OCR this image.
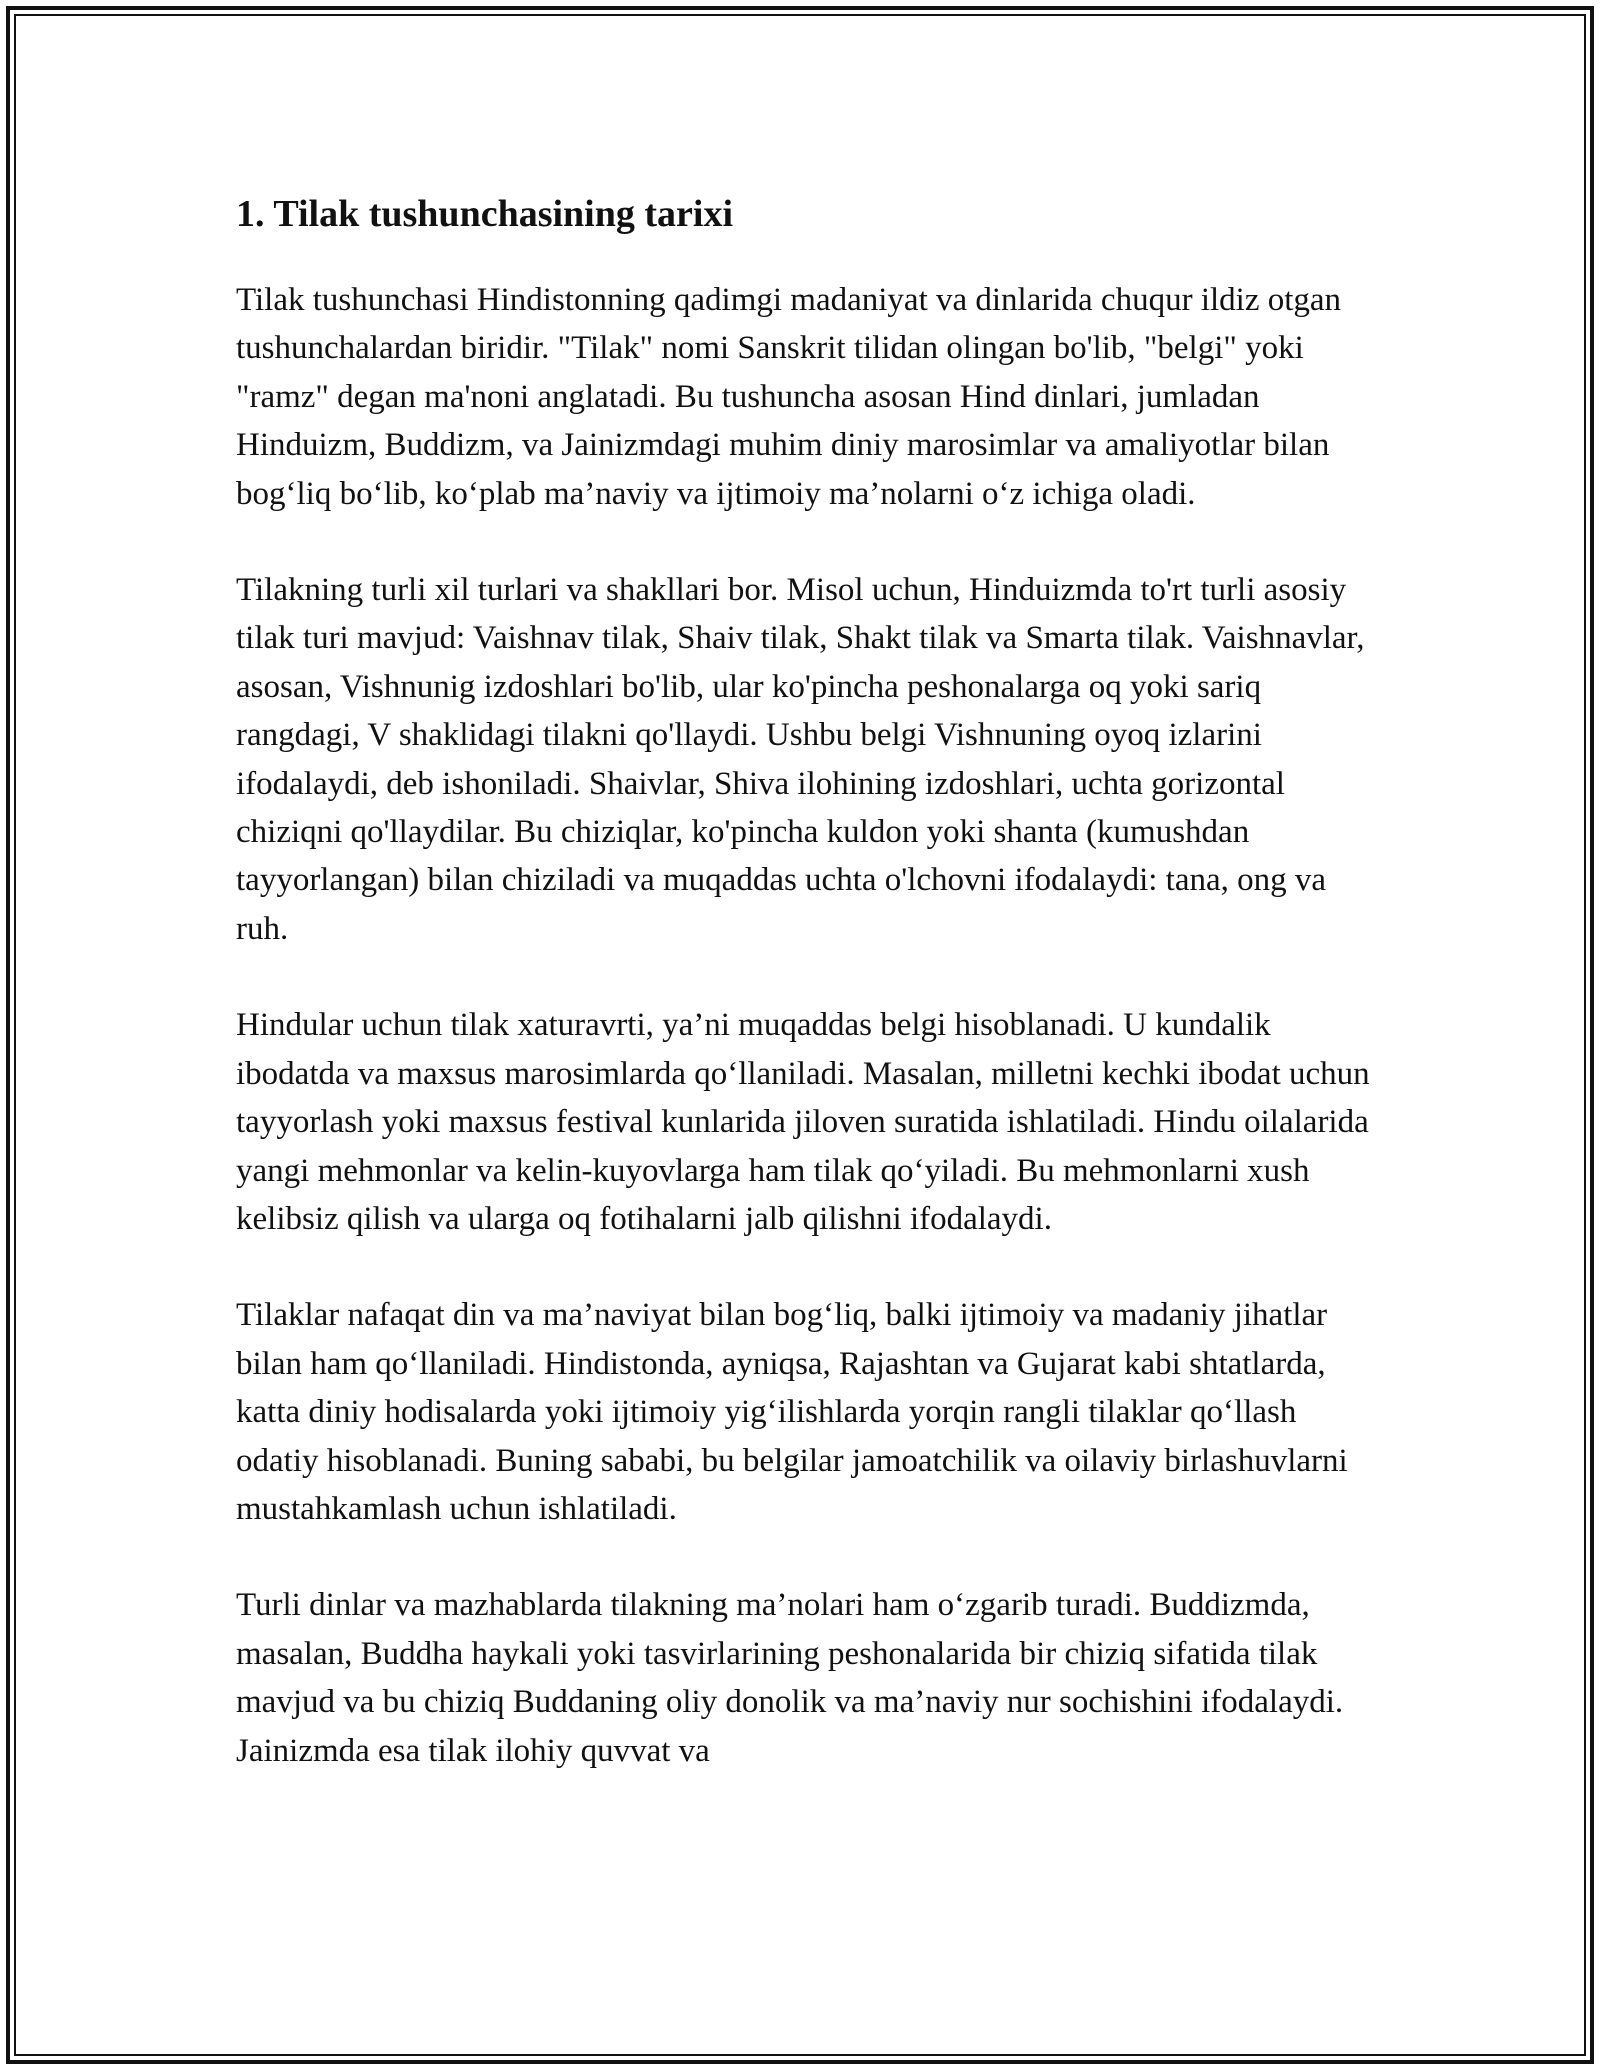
1. Tilak tushunchasining tarixi

Tilak tushunchasi Hindistonning qadimgi madaniyat va dinlarida chuqur ildiz otgan tushunchalardan biridir. "Tilak" nomi Sanskrit tilidan olingan bo'lib, "belgi" yoki "ramz" degan ma'noni anglatadi. Bu tushuncha asosan Hind dinlari, jumladan Hinduizm, Buddizm, va Jainizmdagi muhim diniy marosimlar va amaliyotlar bilan bog‘liq bo‘lib, ko‘plab ma’naviy va ijtimoiy ma’nolarni o‘z ichiga oladi.

Tilakning turli xil turlari va shakllari bor. Misol uchun, Hinduizmda to'rt turli asosiy tilak turi mavjud: Vaishnav tilak, Shaiv tilak, Shakt tilak va Smarta tilak. Vaishnavlar, asosan, Vishnunig izdoshlari bo'lib, ular ko'pincha peshonalarga oq yoki sariq rangdagi, V shaklidagi tilakni qo'llaydi. Ushbu belgi Vishnuning oyoq izlarini ifodalaydi, deb ishoniladi. Shaivlar, Shiva ilohining izdoshlari, uchta gorizontal chiziqni qo'llaydilar. Bu chiziqlar, ko'pincha kuldon yoki shanta (kumushdan tayyorlangan) bilan chiziladi va muqaddas uchta o'lchovni ifodalaydi: tana, ong va ruh.

Hindular uchun tilak xaturavrti, ya’ni muqaddas belgi hisoblanadi. U kundalik ibodatda va maxsus marosimlarda qo‘llaniladi. Masalan, milletni kechki ibodat uchun tayyorlash yoki maxsus festival kunlarida jiloven suratida ishlatiladi. Hindu oilalarida yangi mehmonlar va kelin-kuyovlarga ham tilak qo‘yiladi. Bu mehmonlarni xush kelibsiz qilish va ularga oq fotihalarni jalb qilishni ifodalaydi.

Tilaklar nafaqat din va ma’naviyat bilan bog‘liq, balki ijtimoiy va madaniy jihatlar bilan ham qo‘llaniladi. Hindistonda, ayniqsa, Rajashtan va Gujarat kabi shtatlarda, katta diniy hodisalarda yoki ijtimoiy yig‘ilishlarda yorqin rangli tilaklar qo‘llash odatiy hisoblanadi. Buning sababi, bu belgilar jamoatchilik va oilaviy birlashuvlarni mustahkamlash uchun ishlatiladi.

Turli dinlar va mazhablarda tilakning ma’nolari ham o‘zgarib turadi. Buddizmda, masalan, Buddha haykali yoki tasvirlarining peshonalarida bir chiziq sifatida tilak mavjud va bu chiziq Buddaning oliy donolik va ma’naviy nur sochishini ifodalaydi. Jainizmda esa tilak ilohiy quvvat va
